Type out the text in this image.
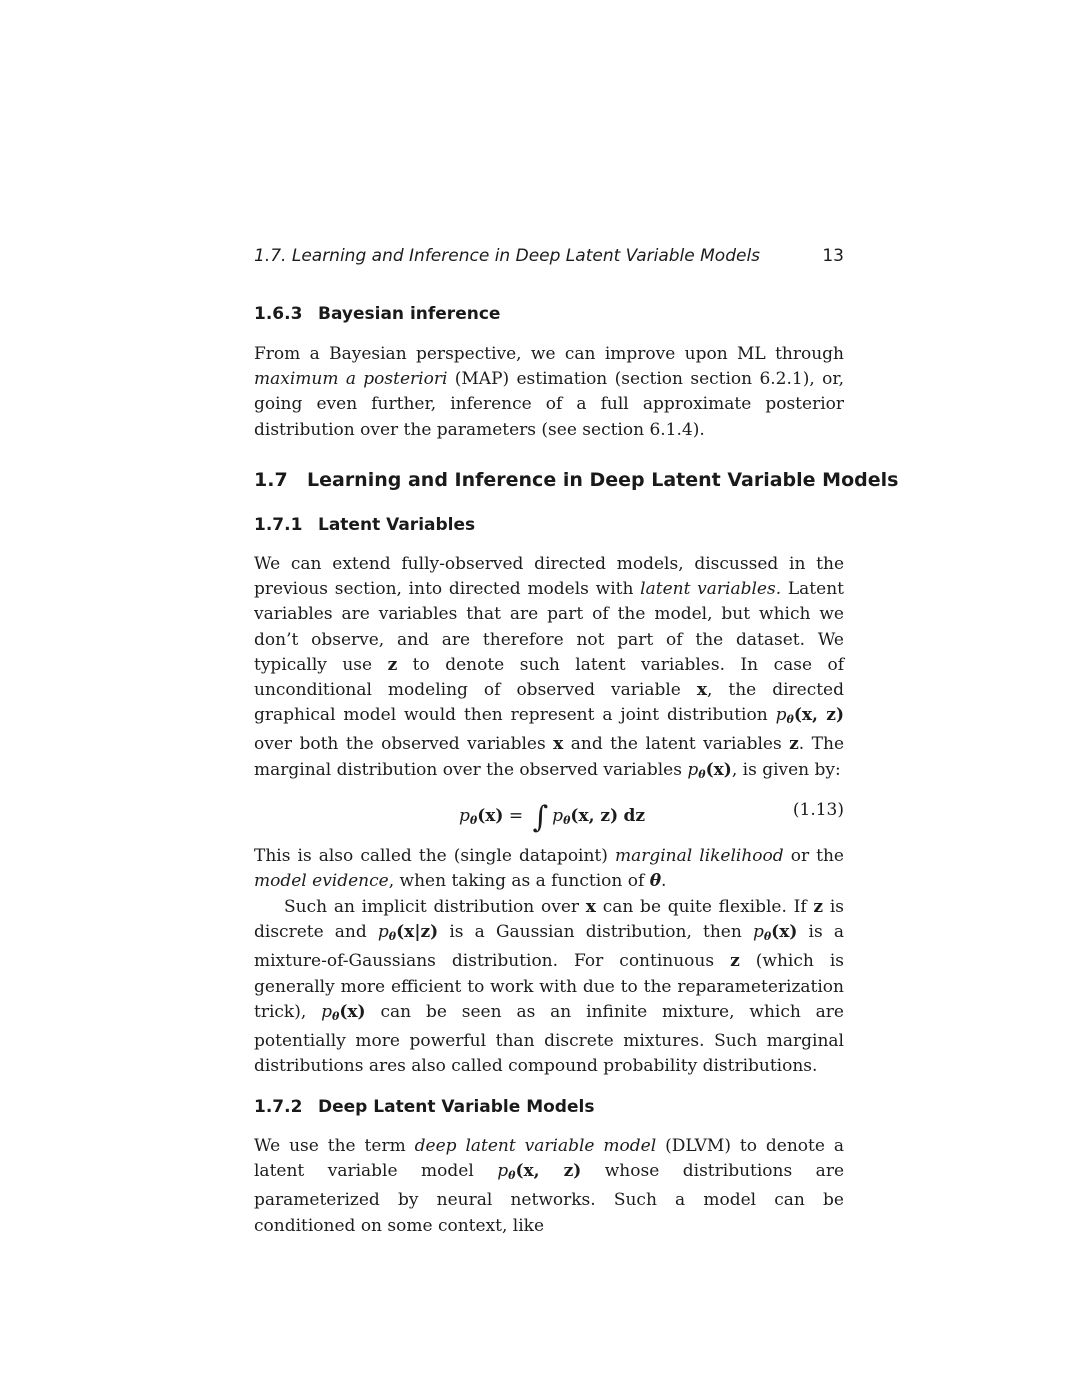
1.7. Learning and Inference in Deep Latent Variable Models	13
1.6.3 Bayesian inference

From a Bayesian perspective, we can improve upon ML through maximum a posteriori (MAP) estimation (section section 6.2.1), or, going even further, inference of a full approximate posterior distribution over the parameters (see section 6.1.4).

1.7 Learning and Inference in Deep Latent Variable Models
1.7.1 Latent Variables

We can extend fully-observed directed models, discussed in the previous section, into directed models with latent variables. Latent variables are variables that are part of the model, but which we don’t observe, and are therefore not part of the dataset. We typically use z to denote such latent variables. In case of unconditional modeling of observed variable x, the directed graphical model would then represent a joint distribution $p_\theta(x$, z) over both the observed variables x and the latent variables z. The marginal distribution over the observed variables $p_\theta(x)$, is given by:

$p_\theta(x)$ = ∫ $p_\theta(x$, z) dz	(1.13)

This is also called the (single datapoint) marginal likelihood or the model evidence, when taking as a function of θ.

Such an implicit distribution over x can be quite flexible. If z is discrete and $p_\theta(x|z)$ is a Gaussian distribution, then $p_\theta(x)$ is a mixture-of-Gaussians distribution. For continuous z (which is generally more efficient to work with due to the reparameterization trick), $p_\theta(x)$ can be seen as an infinite mixture, which are potentially more powerful than discrete mixtures. Such marginal distributions ares also called compound probability distributions.

1.7.2 Deep Latent Variable Models

We use the term deep latent variable model (DLVM) to denote a latent variable model $p_\theta(x$, z) whose distributions are parameterized by neural networks. Such a model can be conditioned on some context, like
